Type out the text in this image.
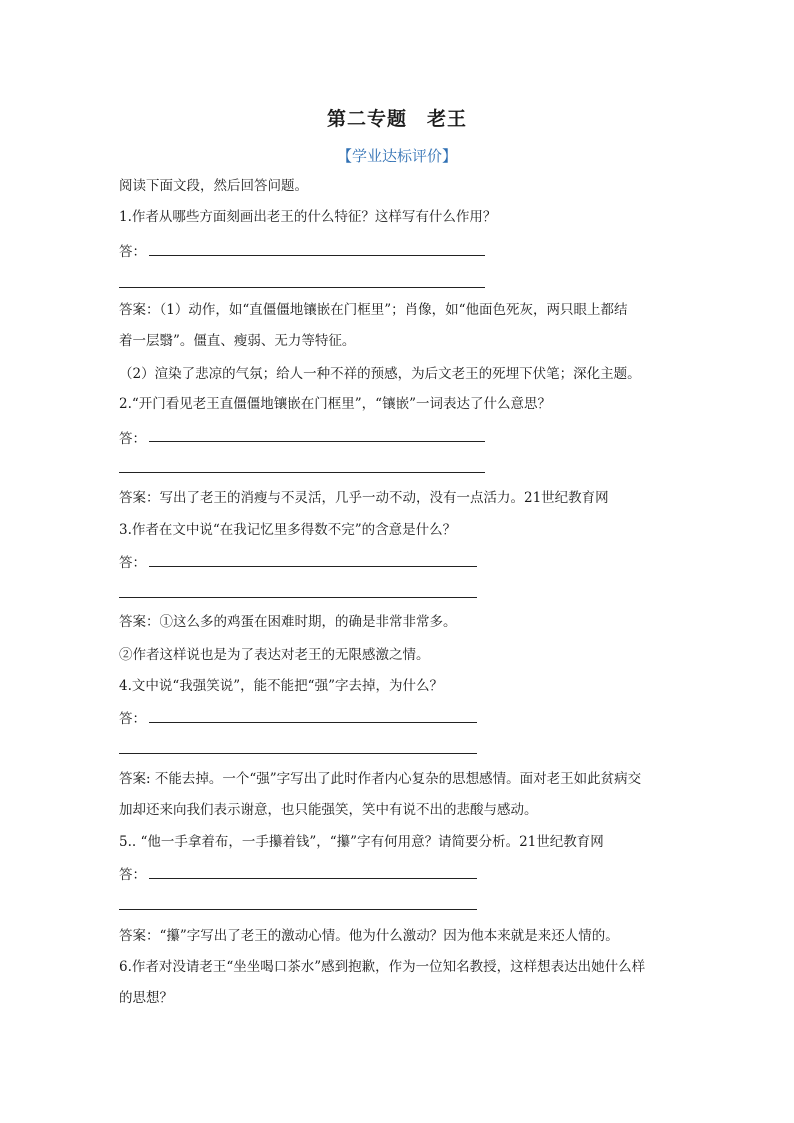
第二专题　老王
【学业达标评价】
阅读下面文段，然后回答问题。
1.作者从哪些方面刻画出老王的什么特征？这样写有什么作用？
答：
答案：（1）动作，如“直僵僵地镶嵌在门框里”；肖像，如“他面色死灰，两只眼上都结
着一层翳”。僵直、瘦弱、无力等特征。
（2）渲染了悲凉的气氛；给人一种不祥的预感，为后文老王的死埋下伏笔；深化主题。
2.“开门看见老王直僵僵地镶嵌在门框里”，“镶嵌”一词表达了什么意思？
答：
答案：写出了老王的消瘦与不灵活，几乎一动不动，没有一点活力。21世纪教育网
3.作者在文中说“在我记忆里多得数不完”的含意是什么？
答：
答案：①这么多的鸡蛋在困难时期，的确是非常非常多。
②作者这样说也是为了表达对老王的无限感激之情。
4.文中说“我强笑说”，能不能把“强”字去掉，为什么？
答：
答案: 不能去掉。一个“强”字写出了此时作者内心复杂的思想感情。面对老王如此贫病交
加却还来向我们表示谢意，也只能强笑，笑中有说不出的悲酸与感动。
5.. “他一手拿着布，一手攥着钱”，“攥”字有何用意？请简要分析。21世纪教育网
答：
答案：“攥”字写出了老王的激动心情。他为什么激动？因为他本来就是来还人情的。
6.作者对没请老王“坐坐喝口茶水”感到抱歉，作为一位知名教授，这样想表达出她什么样
的思想？
